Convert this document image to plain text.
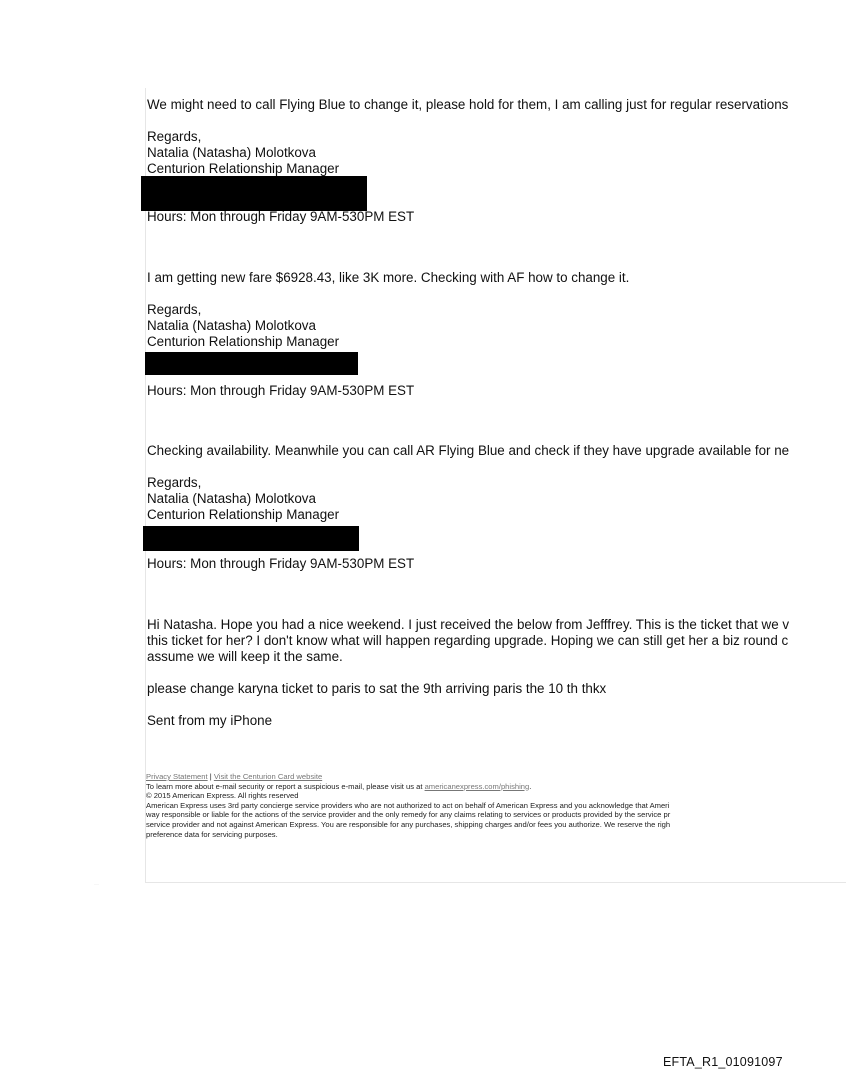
We might need to call Flying Blue to change it, please hold for them, I am calling just for regular reservations
Regards,
Natalia (Natasha) Molotkova
Centurion Relationship Manager
Hours: Mon through Friday 9AM-530PM EST
I am getting new fare $6928.43, like 3K more. Checking with AF how to change it.
Regards,
Natalia (Natasha) Molotkova
Centurion Relationship Manager
Hours: Mon through Friday 9AM-530PM EST
Checking availability. Meanwhile you can call AR Flying Blue and check if they have upgrade available for ne
Regards,
Natalia (Natasha) Molotkova
Centurion Relationship Manager
Hours: Mon through Friday 9AM-530PM EST
Hi Natasha. Hope you had a nice weekend. I just received the below from Jefffrey. This is the ticket that we v
this ticket for her? I don't know what will happen regarding upgrade. Hoping we can still get her a biz round c
assume we will keep it the same.
please change karyna ticket to paris to sat the 9th arriving paris the 10 th thkx
Sent from my iPhone
Privacy Statement | Visit the Centurion Card website
To learn more about e-mail security or report a suspicious e-mail, please visit us at americanexpress.com/phishing.
© 2015 American Express. All rights reserved
American Express uses 3rd party concierge service providers who are not authorized to act on behalf of American Express and you acknowledge that Ameri
way responsible or liable for the actions of the service provider and the only remedy for any claims relating to services or products provided by the service pr
service provider and not against American Express. You are responsible for any purchases, shipping charges and/or fees you authorize. We reserve the righ
preference data for servicing purposes.
·····
EFTA_R1_01091097
